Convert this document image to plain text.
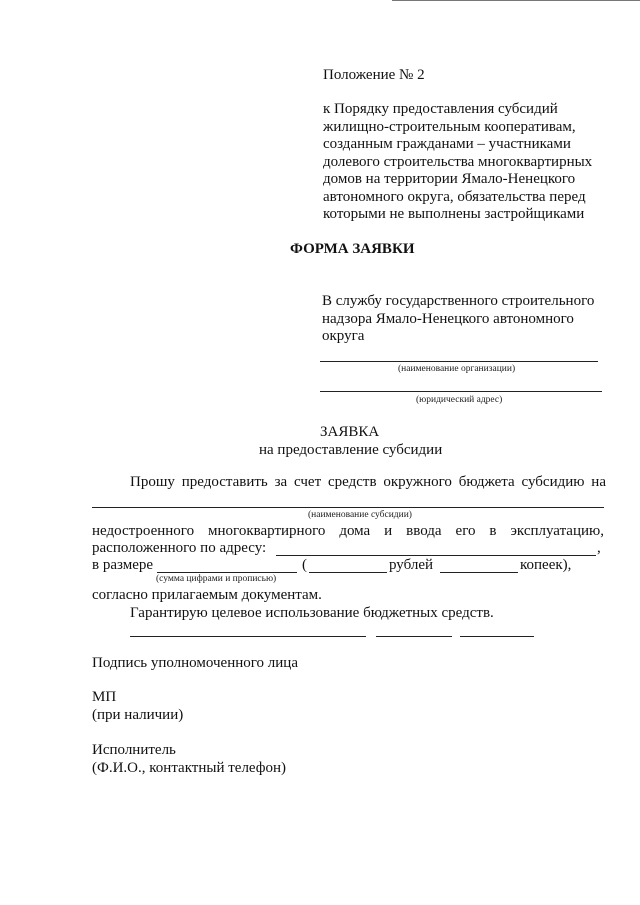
Положение № 2
к Порядку предоставления субсидий
жилищно-строительным кооперативам,
созданным гражданами – участниками
долевого строительства многоквартирных
домов на территории Ямало-Ненецкого
автономного округа, обязательства перед
которыми не выполнены застройщиками
ФОРМА ЗАЯВКИ
В службу государственного строительного
надзора Ямало-Ненецкого автономного
округа
(наименование организации)
(юридический адрес)
ЗАЯВКА
на предоставление субсидии
Прошу предоставить за счет средств окружного бюджета субсидию на
(наименование субсидии)
недостроенного многоквартирного дома и ввода его в эксплуатацию,
расположенного по адресу:	,
в размере	(	рублей	копеек),
(сумма цифрами и прописью)
согласно прилагаемым документам.
Гарантирую целевое использование бюджетных средств.
Подпись уполномоченного лица
МП
(при наличии)
Исполнитель
(Ф.И.О., контактный телефон)
